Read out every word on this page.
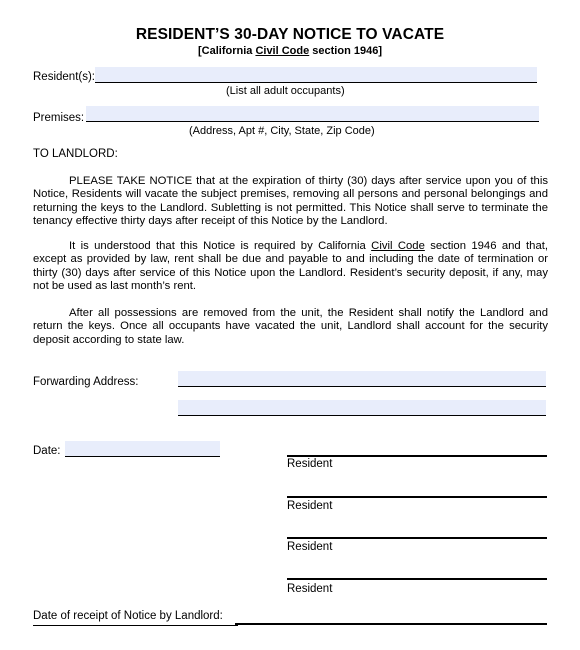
RESIDENT’S 30-DAY NOTICE TO VACATE
[California Civil Code section 1946]
Resident(s):
(List all adult occupants)
Premises:
(Address, Apt #, City, State, Zip Code)
TO LANDLORD:

PLEASE TAKE NOTICE that at the expiration of thirty (30) days after service upon you of this Notice, Residents will vacate the subject premises, removing all persons and personal belongings and returning the keys to the Landlord. Subletting is not permitted. This Notice shall serve to terminate the tenancy effective thirty days after receipt of this Notice by the Landlord.

It is understood that this Notice is required by California Civil Code section 1946 and that, except as provided by law, rent shall be due and payable to and including the date of termination or thirty (30) days after service of this Notice upon the Landlord. Resident’s security deposit, if any, may not be used as last month’s rent.

After all possessions are removed from the unit, the Resident shall notify the Landlord and return the keys. Once all occupants have vacated the unit, Landlord shall account for the security deposit according to state law.

Forwarding Address:
Date:
Resident
Resident
Resident
Resident
Date of receipt of Notice by Landlord:
